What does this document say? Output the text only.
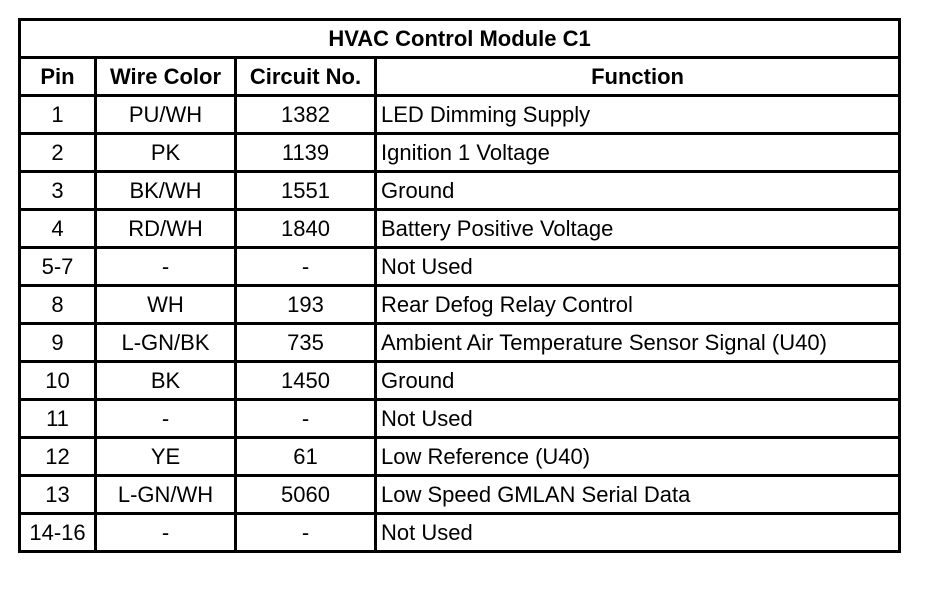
HVAC Control Module C1			
Pin	Wire Color	Circuit No.	Function
1	PU/WH	1382	LED Dimming Supply
2	PK	1139	Ignition 1 Voltage
3	BK/WH	1551	Ground
4	RD/WH	1840	Battery Positive Voltage
5-7	-	-	Not Used
8	WH	193	Rear Defog Relay Control
9	L-GN/BK	735	Ambient Air Temperature Sensor Signal (U40)
10	BK	1450	Ground
11	-	-	Not Used
12	YE	61	Low Reference (U40)
13	L-GN/WH	5060	Low Speed GMLAN Serial Data
14-16	-	-	Not Used
